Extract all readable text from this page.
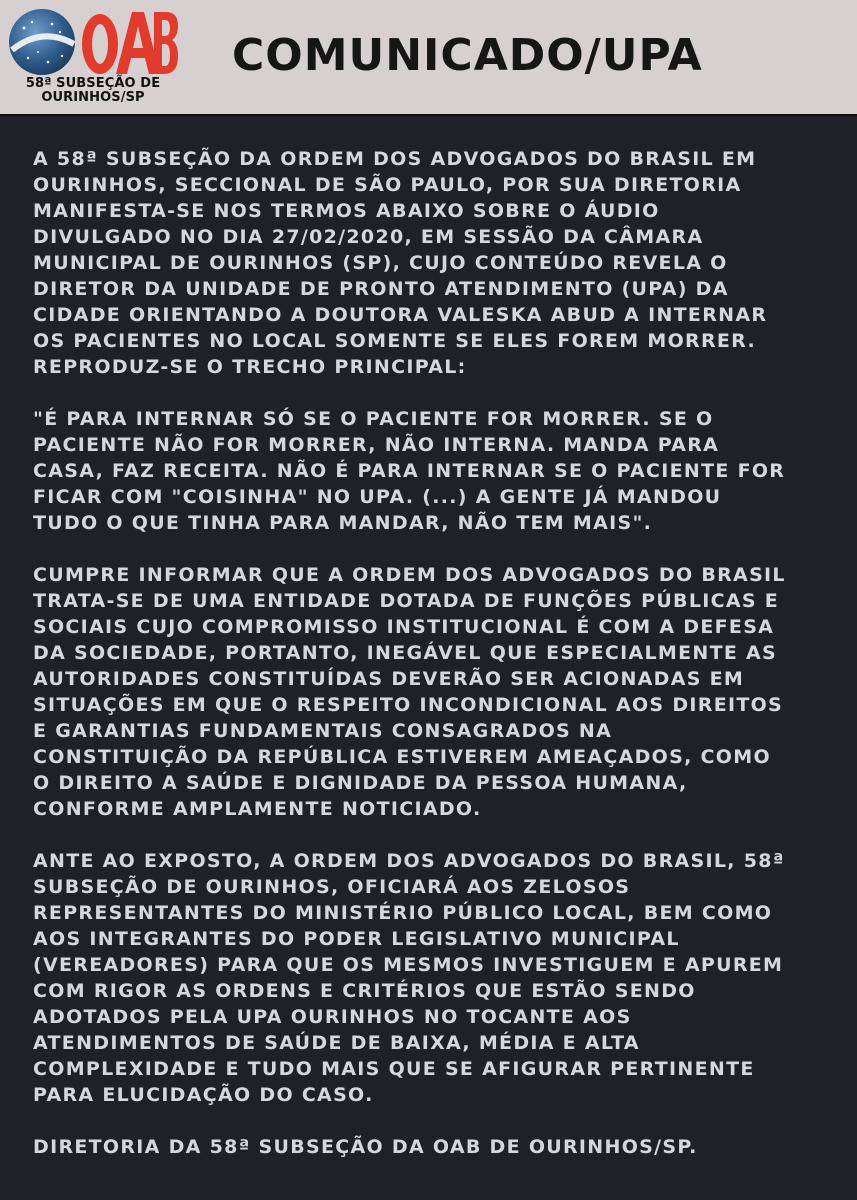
58ª SUBSEÇÃO DE
OURINHOS/SP
COMUNICADO/UPA

A 58ª SUBSEÇÃO DA ORDEM DOS ADVOGADOS DO BRASIL EM
OURINHOS, SECCIONAL DE SÃO PAULO, POR SUA DIRETORIA
MANIFESTA-SE NOS TERMOS ABAIXO SOBRE O ÁUDIO
DIVULGADO NO DIA 27/02/2020, EM SESSÃO DA CÂMARA
MUNICIPAL DE OURINHOS (SP), CUJO CONTEÚDO REVELA O
DIRETOR DA UNIDADE DE PRONTO ATENDIMENTO (UPA) DA
CIDADE ORIENTANDO A DOUTORA VALESKA ABUD A INTERNAR
OS PACIENTES NO LOCAL SOMENTE SE ELES FOREM MORRER.
REPRODUZ-SE O TRECHO PRINCIPAL:

"É PARA INTERNAR SÓ SE O PACIENTE FOR MORRER. SE O
PACIENTE NÃO FOR MORRER, NÃO INTERNA. MANDA PARA
CASA, FAZ RECEITA. NÃO É PARA INTERNAR SE O PACIENTE FOR
FICAR COM "COISINHA" NO UPA. (...) A GENTE JÁ MANDOU
TUDO O QUE TINHA PARA MANDAR, NÃO TEM MAIS".

CUMPRE INFORMAR QUE A ORDEM DOS ADVOGADOS DO BRASIL
TRATA-SE DE UMA ENTIDADE DOTADA DE FUNÇÕES PÚBLICAS E
SOCIAIS CUJO COMPROMISSO INSTITUCIONAL É COM A DEFESA
DA SOCIEDADE, PORTANTO, INEGÁVEL QUE ESPECIALMENTE AS
AUTORIDADES CONSTITUÍDAS DEVERÃO SER ACIONADAS EM
SITUAÇÕES EM QUE O RESPEITO INCONDICIONAL AOS DIREITOS
E GARANTIAS FUNDAMENTAIS CONSAGRADOS NA
CONSTITUIÇÃO DA REPÚBLICA ESTIVEREM AMEAÇADOS, COMO
O DIREITO A SAÚDE E DIGNIDADE DA PESSOA HUMANA,
CONFORME AMPLAMENTE NOTICIADO.

ANTE AO EXPOSTO, A ORDEM DOS ADVOGADOS DO BRASIL, 58ª
SUBSEÇÃO DE OURINHOS, OFICIARÁ AOS ZELOSOS
REPRESENTANTES DO MINISTÉRIO PÚBLICO LOCAL, BEM COMO
AOS INTEGRANTES DO PODER LEGISLATIVO MUNICIPAL
(VEREADORES) PARA QUE OS MESMOS INVESTIGUEM E APUREM
COM RIGOR AS ORDENS E CRITÉRIOS QUE ESTÃO SENDO
ADOTADOS PELA UPA OURINHOS NO TOCANTE AOS
ATENDIMENTOS DE SAÚDE DE BAIXA, MÉDIA E ALTA
COMPLEXIDADE E TUDO MAIS QUE SE AFIGURAR PERTINENTE
PARA ELUCIDAÇÃO DO CASO.

DIRETORIA DA 58ª SUBSEÇÃO DA OAB DE OURINHOS/SP.
